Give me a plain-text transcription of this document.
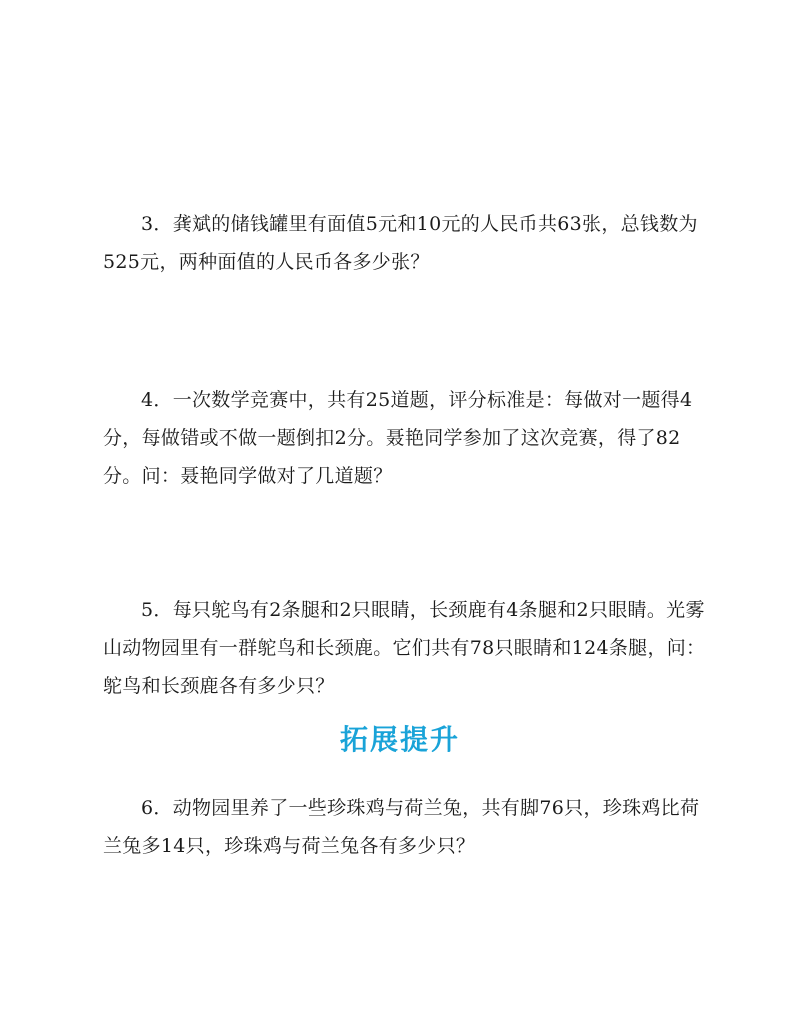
3．龚斌的储钱罐里有面值5元和10元的人民币共63张，总钱数为
525元，两种面值的人民币各多少张？
4．一次数学竞赛中，共有25道题，评分标准是：每做对一题得4
分，每做错或不做一题倒扣2分。聂艳同学参加了这次竞赛，得了82
分。问：聂艳同学做对了几道题？
5．每只鸵鸟有2条腿和2只眼睛，长颈鹿有4条腿和2只眼睛。光雾
山动物园里有一群鸵鸟和长颈鹿。它们共有78只眼睛和124条腿，问：
鸵鸟和长颈鹿各有多少只？
拓展提升
6．动物园里养了一些珍珠鸡与荷兰兔，共有脚76只，珍珠鸡比荷
兰兔多14只，珍珠鸡与荷兰兔各有多少只？
